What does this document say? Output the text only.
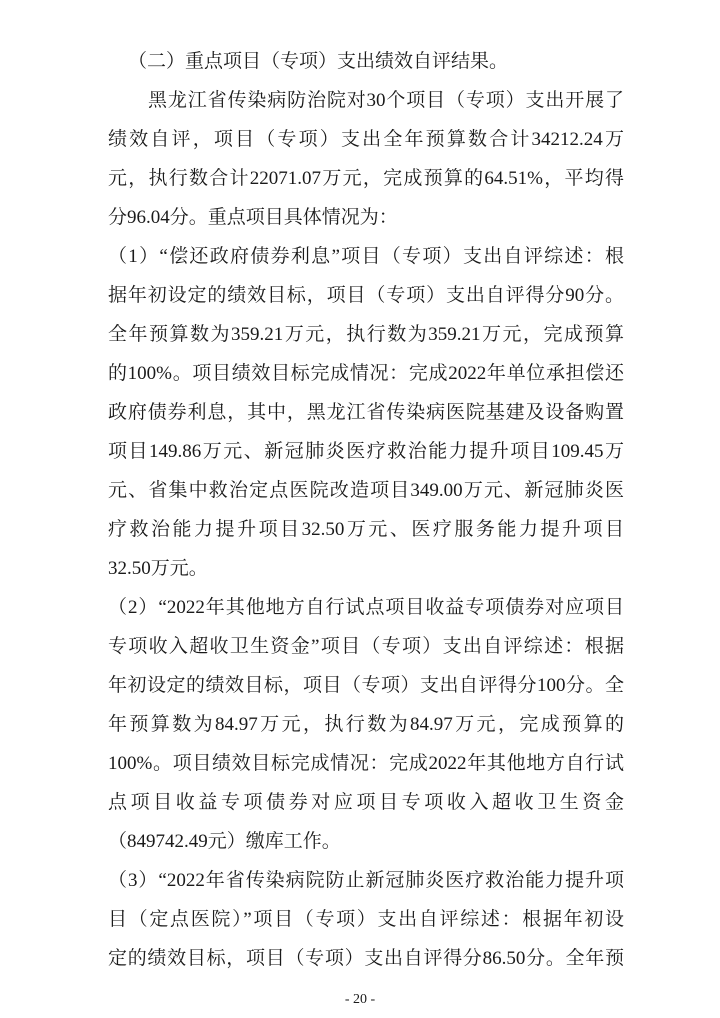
（二）重点项目（专项）支出绩效自评结果。
黑龙江省传染病防治院对30个项目（专项）支出开展了
绩效自评，项目（专项）支出全年预算数合计34212.24万
元，执行数合计22071.07万元，完成预算的64.51%，平均得
分96.04分。重点项目具体情况为：
（1）“偿还政府债券利息”项目（专项）支出自评综述：根
据年初设定的绩效目标，项目（专项）支出自评得分90分。
全年预算数为359.21万元，执行数为359.21万元，完成预算
的100%。项目绩效目标完成情况：完成2022年单位承担偿还
政府债券利息，其中，黑龙江省传染病医院基建及设备购置
项目149.86万元、新冠肺炎医疗救治能力提升项目109.45万
元、省集中救治定点医院改造项目349.00万元、新冠肺炎医
疗救治能力提升项目32.50万元、医疗服务能力提升项目
32.50万元。
（2）“2022年其他地方自行试点项目收益专项债券对应项目
专项收入超收卫生资金”项目（专项）支出自评综述：根据
年初设定的绩效目标，项目（专项）支出自评得分100分。全
年预算数为84.97万元，执行数为84.97万元，完成预算的
100%。项目绩效目标完成情况：完成2022年其他地方自行试
点项目收益专项债券对应项目专项收入超收卫生资金
（849742.49元）缴库工作。
（3）“2022年省传染病院防止新冠肺炎医疗救治能力提升项
目（定点医院）”项目（专项）支出自评综述：根据年初设
定的绩效目标，项目（专项）支出自评得分86.50分。全年预
- 20 -
